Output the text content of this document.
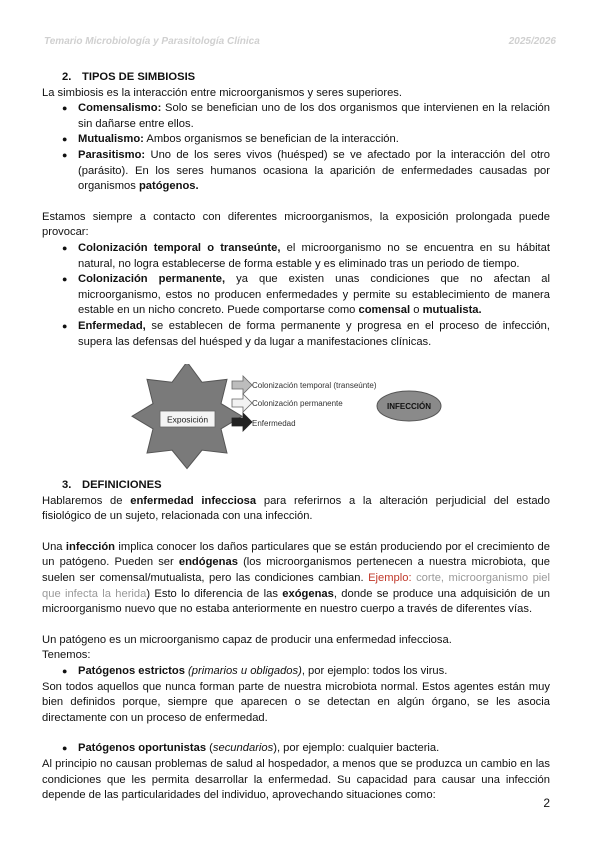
Temario Microbiología y Parasitología Clínica	2025/2026
2. TIPOS DE SIMBIOSIS

La simbiosis es la interacción entre microorganismos y seres superiores.

● Comensalismo: Solo se benefician uno de los dos organismos que intervienen en la relación sin dañarse entre ellos.
● Mutualismo: Ambos organismos se benefician de la interacción.
● Parasitismo: Uno de los seres vivos (huésped) se ve afectado por la interacción del otro (parásito). En los seres humanos ocasiona la aparición de enfermedades causadas por organismos patógenos.

Estamos siempre a contacto con diferentes microorganismos, la exposición prolongada puede provocar:

● Colonización temporal o transeúnte, el microorganismo no se encuentra en su hábitat natural, no logra establecerse de forma estable y es eliminado tras un periodo de tiempo.
● Colonización permanente, ya que existen unas condiciones que no afectan al microorganismo, estos no producen enfermedades y permite su establecimiento de manera estable en un nicho concreto. Puede comportarse como comensal o mutualista.
● Enfermedad, se establecen de forma permanente y progresa en el proceso de infección, supera las defensas del huésped y da lugar a manifestaciones clínicas.
Exposición
Colonización temporal (transeúnte)
Colonización permanente
Enfermedad
INFECCIÓN
3. DEFINICIONES

Hablaremos de enfermedad infecciosa para referirnos a la alteración perjudicial del estado fisiológico de un sujeto, relacionada con una infección.

Una infección implica conocer los daños particulares que se están produciendo por el crecimiento de un patógeno. Pueden ser endógenas (los microorganismos pertenecen a nuestra microbiota, que suelen ser comensal/mutualista, pero las condiciones cambian. Ejemplo: corte, microorganismo piel que infecta la herida) Esto lo diferencia de las exógenas, donde se produce una adquisición de un microorganismo nuevo que no estaba anteriormente en nuestro cuerpo a través de diferentes vías.

Un patógeno es un microorganismo capaz de producir una enfermedad infecciosa.

Tenemos:

● Patógenos estrictos (primarios u obligados), por ejemplo: todos los virus.

Son todos aquellos que nunca forman parte de nuestra microbiota normal. Estos agentes están muy bien definidos porque, siempre que aparecen o se detectan en algún órgano, se les asocia directamente con un proceso de enfermedad.

● Patógenos oportunistas (secundarios), por ejemplo: cualquier bacteria.

Al principio no causan problemas de salud al hospedador, a menos que se produzca un cambio en las condiciones que les permita desarrollar la enfermedad. Su capacidad para causar una infección depende de las particularidades del individuo, aprovechando situaciones como:

2
